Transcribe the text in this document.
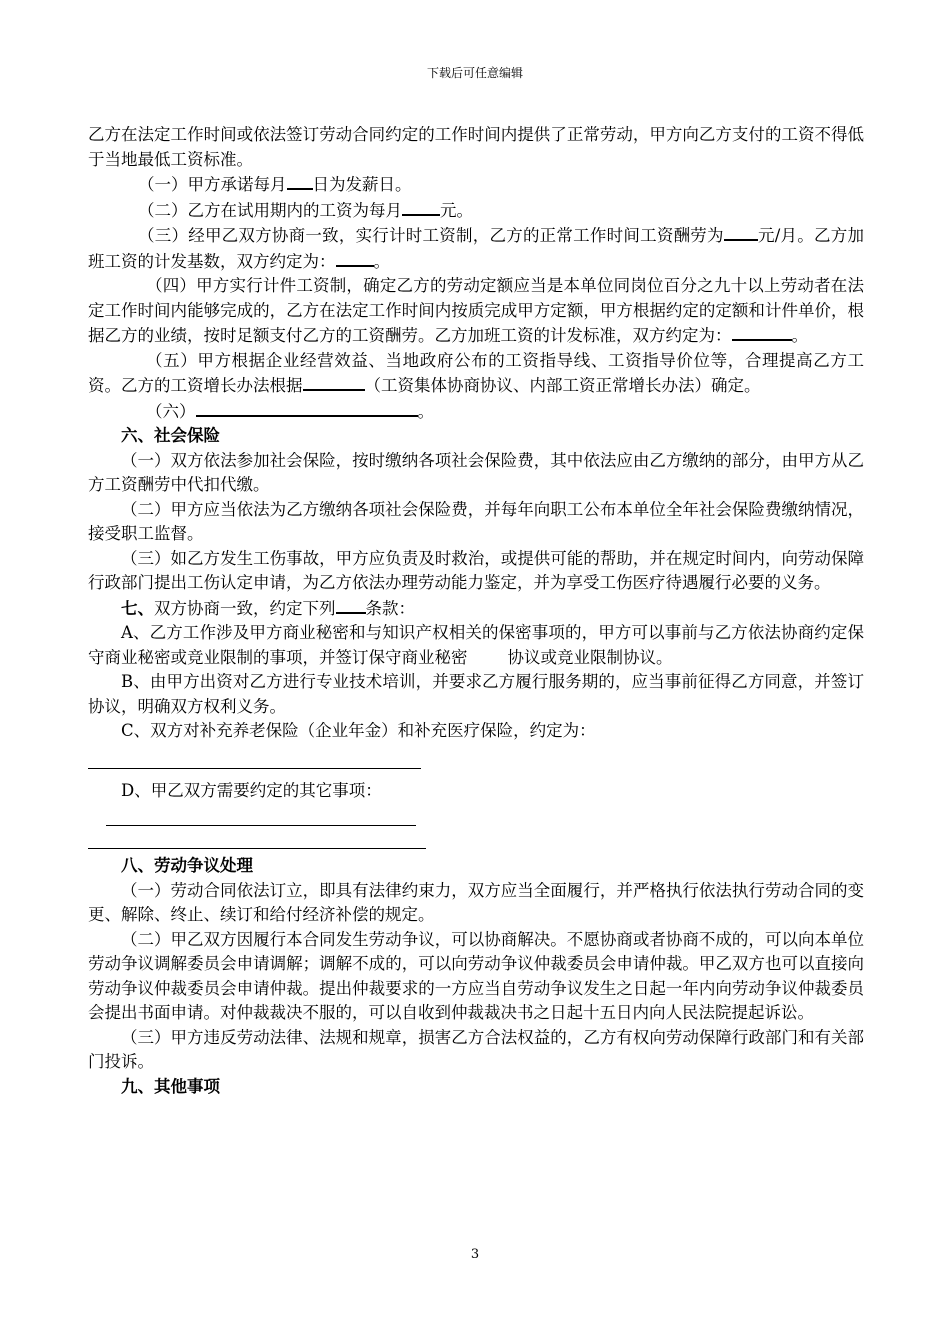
下载后可任意编辑

乙方在法定工作时间或依法签订劳动合同约定的工作时间内提供了正常劳动，甲方向乙方支付的工资不得低于当地最低工资标准。

（一）甲方承诺每月 日为发薪日。

（二）乙方在试用期内的工资为每月 元。

（三）经甲乙双方协商一致，实行计时工资制，乙方的正常工作时间工资酬劳为 元/月。乙方加班工资的计发基数，双方约定为： 。

（四）甲方实行计件工资制，确定乙方的劳动定额应当是本单位同岗位百分之九十以上劳动者在法定工作时间内能够完成的，乙方在法定工作时间内按质完成甲方定额，甲方根据约定的定额和计件单价，根据乙方的业绩，按时足额支付乙方的工资酬劳。乙方加班工资的计发标准，双方约定为：	。

（五）甲方根据企业经营效益、当地政府公布的工资指导线、工资指导价位等，合理提高乙方工资。乙方的工资增长办法根据	（工资集体协商协议、内部工资正常增长办法）确定。

（六）	。

六、社会保险

（一）双方依法参加社会保险，按时缴纳各项社会保险费，其中依法应由乙方缴纳的部分，由甲方从乙方工资酬劳中代扣代缴。

（二）甲方应当依法为乙方缴纳各项社会保险费，并每年向职工公布本单位全年社会保险费缴纳情况，接受职工监督。

（三）如乙方发生工伤事故，甲方应负责及时救治，或提供可能的帮助，并在规定时间内，向劳动保障行政部门提出工伤认定申请，为乙方依法办理劳动能力鉴定，并为享受工伤医疗待遇履行必要的义务。

七、双方协商一致，约定下列 条款：

A、乙方工作涉及甲方商业秘密和与知识产权相关的保密事项的，甲方可以事前与乙方依法协商约定保守商业秘密或竞业限制的事项，并签订保守商业秘密 协议或竞业限制协议。

B、由甲方出资对乙方进行专业技术培训，并要求乙方履行服务期的，应当事前征得乙方同意，并签订协议，明确双方权利义务。

C、双方对补充养老保险（企业年金）和补充医疗保险，约定为：

D、甲乙双方需要约定的其它事项：

八、劳动争议处理

（一）劳动合同依法订立，即具有法律约束力，双方应当全面履行，并严格执行依法执行劳动合同的变更、解除、终止、续订和给付经济补偿的规定。

（二）甲乙双方因履行本合同发生劳动争议，可以协商解决。不愿协商或者协商不成的，可以向本单位劳动争议调解委员会申请调解；调解不成的，可以向劳动争议仲裁委员会申请仲裁。甲乙双方也可以直接向劳动争议仲裁委员会申请仲裁。提出仲裁要求的一方应当自劳动争议发生之日起一年内向劳动争议仲裁委员会提出书面申请。对仲裁裁决不服的，可以自收到仲裁裁决书之日起十五日内向人民法院提起诉讼。

（三）甲方违反劳动法律、法规和规章，损害乙方合法权益的，乙方有权向劳动保障行政部门和有关部门投诉。

九、其他事项

3
